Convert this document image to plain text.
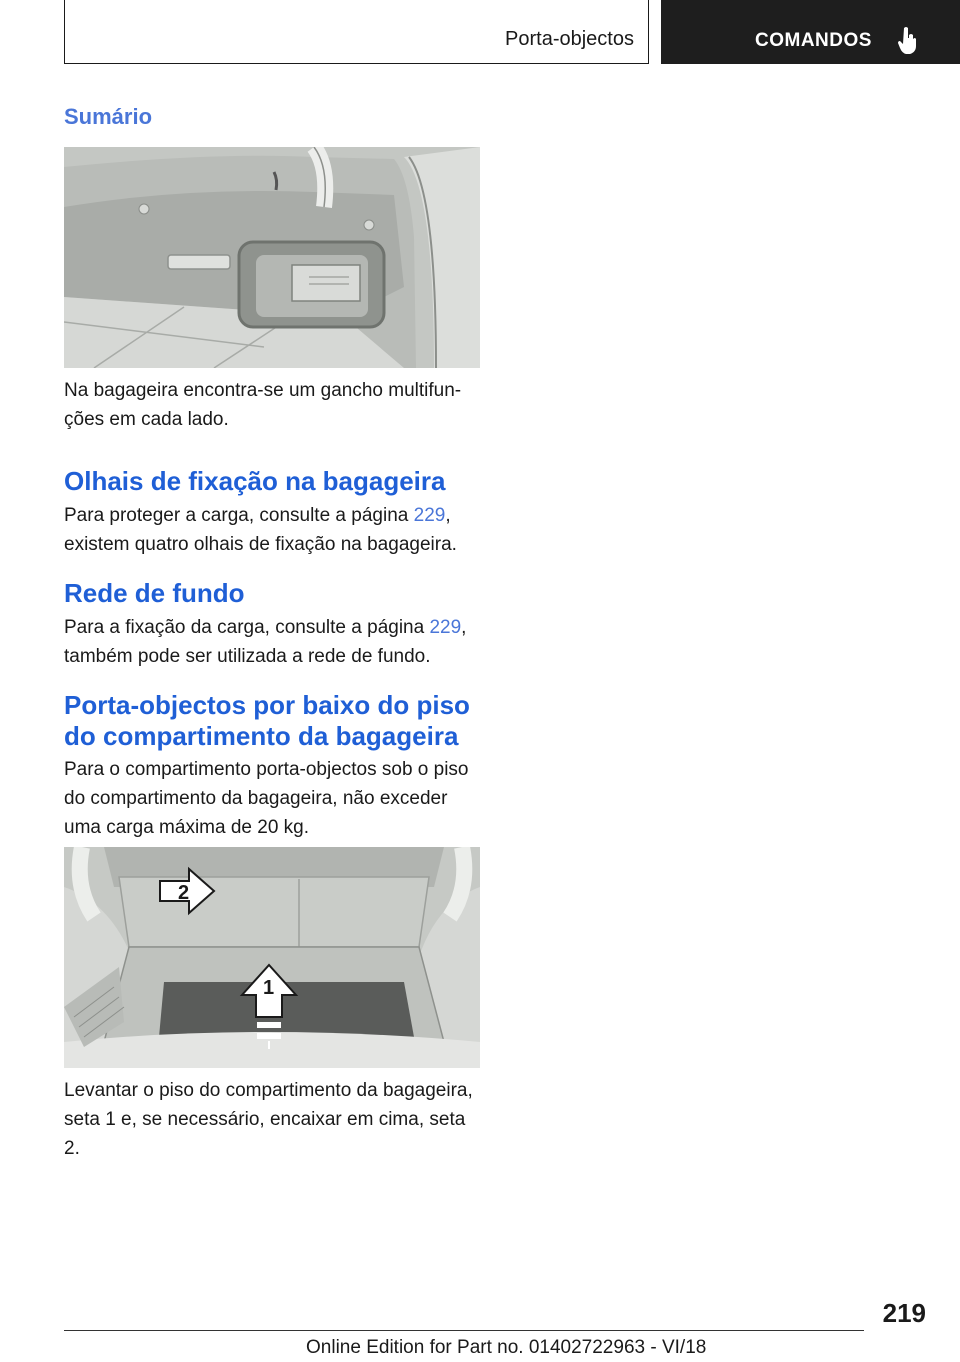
Porta-objectos	COMANDOS
Sumário
Na bagageira encontra-se um gancho multifun-
ções em cada lado.
Olhais de fixação na bagageira
Para proteger a carga, consulte a página 229,
existem quatro olhais de fixação na bagageira.
Rede de fundo
Para a fixação da carga, consulte a página 229,
também pode ser utilizada a rede de fundo.
Porta-objectos por baixo do piso
do compartimento da bagageira
Para o compartimento porta-objectos sob o piso
do compartimento da bagageira, não exceder
uma carga máxima de 20 kg.
1
2
Levantar o piso do compartimento da bagageira,
seta 1 e, se necessário, encaixar em cima, seta 2.
219
Online Edition for Part no. 01402722963 - VI/18
